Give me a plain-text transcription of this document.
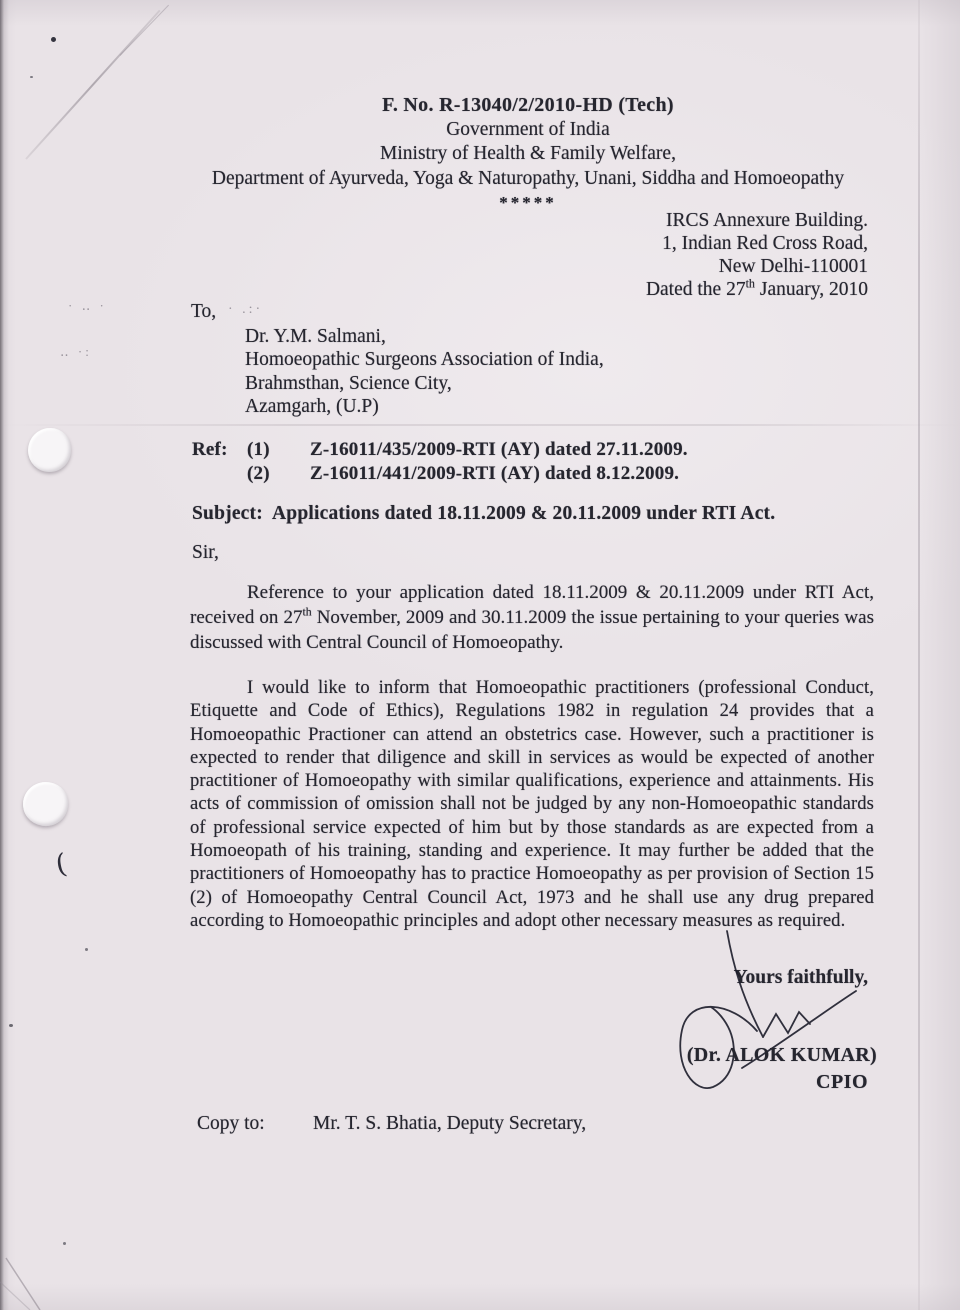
(
· ‥ ·
‥ ·:
· .:·
F. No. R-13040/2/2010-HD (Tech)
Government of India
Ministry of Health & Family Welfare,
Department of Ayurveda, Yoga & Naturopathy, Unani, Siddha and Homoeopathy
*****
IRCS Annexure Building.
1, Indian Red Cross Road,
New Delhi-110001
Dated the 27th January, 2010
To,
Dr. Y.M. Salmani,
Homoeopathic Surgeons Association of India,
Brahmsthan, Science City,
Azamgarh, (U.P)
Ref: (1) Z-16011/435/2009-RTI (AY) dated 27.11.2009.
(2) Z-16011/441/2009-RTI (AY) dated 8.12.2009.
Subject:  Applications dated 18.11.2009 & 20.11.2009 under RTI Act.
Sir,
Reference to your application dated 18.11.2009 & 20.11.2009 under RTI Act, received on 27th November, 2009 and 30.11.2009 the issue pertaining to your queries was discussed with Central Council of Homoeopathy.
I would like to inform that Homoeopathic practitioners (professional Conduct, Etiquette and Code of Ethics), Regulations 1982 in regulation 24 provides that a Homoeopathic Practioner can attend an obstetrics case. However, such a practitioner is expected to render that diligence and skill in services as would be expected of another practitioner of Homoeopathy with similar qualifications, experience and attainments. His acts of commission of omission shall not be judged by any non-Homoeopathic standards of professional service expected of him but by those standards as are expected from a Homoeopath of his training, standing and experience. It may further be added that the practitioners of Homoeopathy has to practice Homoeopathy as per provision of Section 15 (2) of Homoeopathy Central Council Act, 1973 and he shall use any drug prepared according to Homoeopathic principles and adopt other necessary measures as required.
Yours faithfully,
(Dr. ALOK KUMAR)
CPIO
Copy to: Mr. T. S. Bhatia, Deputy Secretary,
